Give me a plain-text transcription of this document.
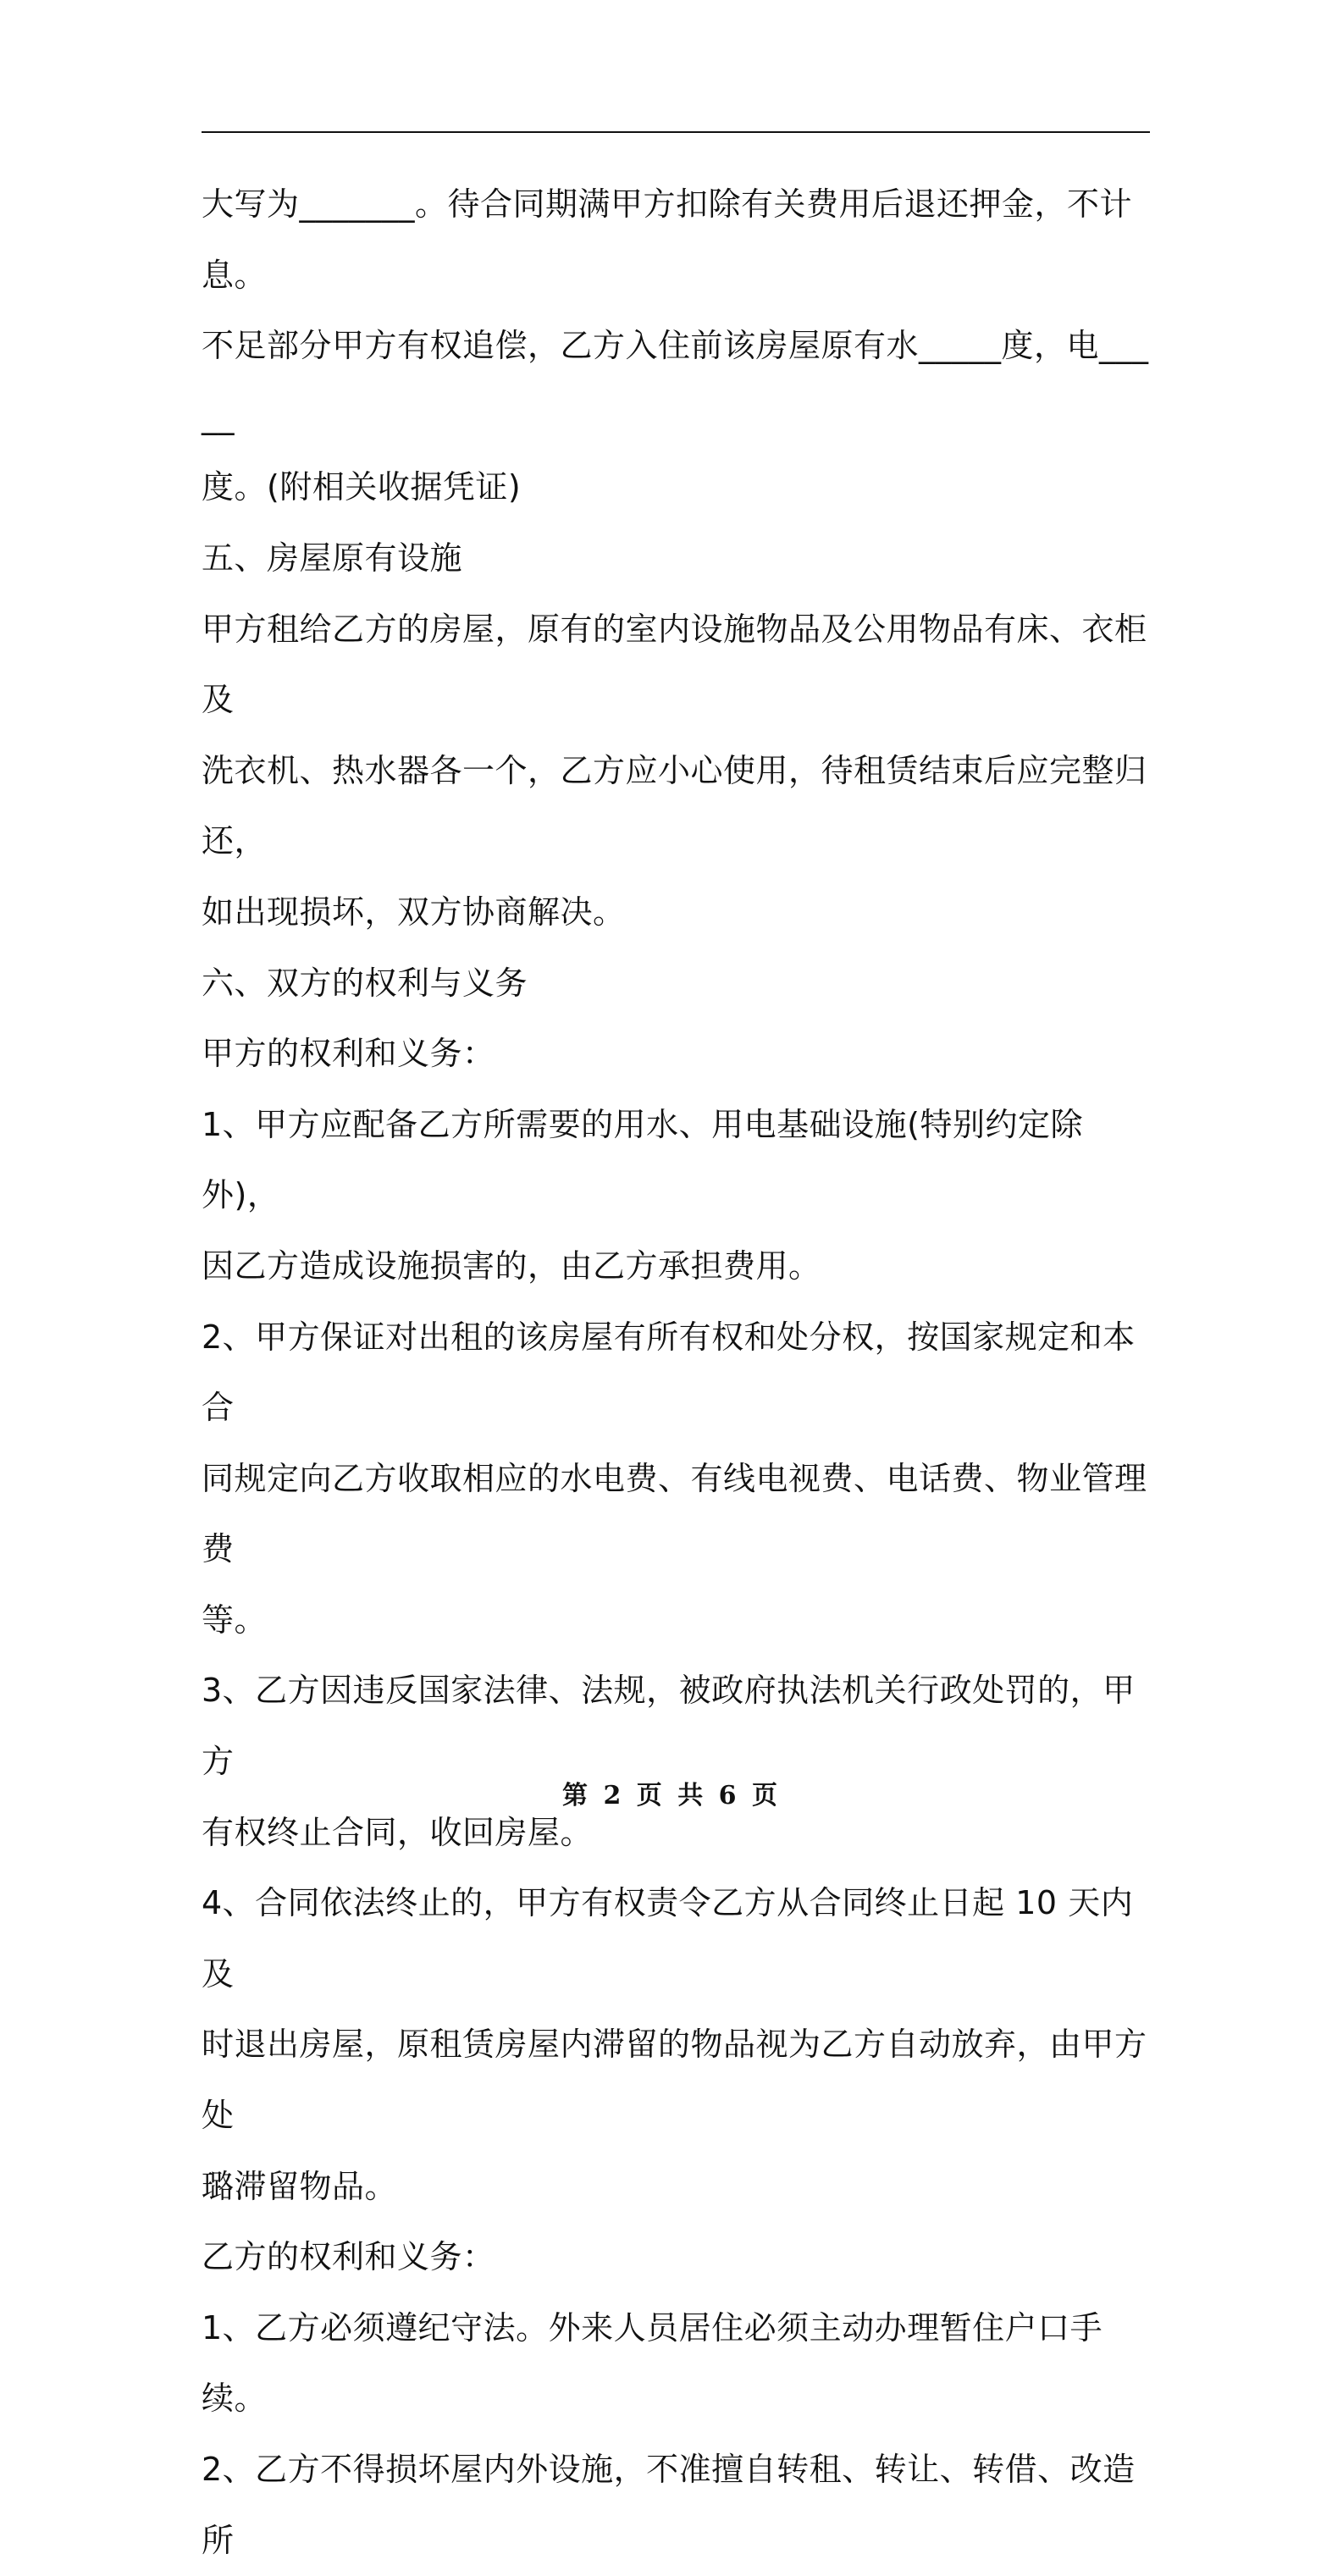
大写为_______。待合同期满甲方扣除有关费用后退还押金，不计息。

不足部分甲方有权追偿，乙方入住前该房屋原有水_____度，电_____

度。(附相关收据凭证)

五、房屋原有设施

甲方租给乙方的房屋，原有的室内设施物品及公用物品有床、衣柜及

洗衣机、热水器各一个，乙方应小心使用，待租赁结束后应完整归还，

如出现损坏，双方协商解决。

六、双方的权利与义务

甲方的权利和义务：

1、甲方应配备乙方所需要的用水、用电基础设施(特别约定除外)，

因乙方造成设施损害的，由乙方承担费用。

2、甲方保证对出租的该房屋有所有权和处分权，按国家规定和本合

同规定向乙方收取相应的水电费、有线电视费、电话费、物业管理费

等。

3、乙方因违反国家法律、法规，被政府执法机关行政处罚的，甲方

有权终止合同，收回房屋。

4、合同依法终止的，甲方有权责令乙方从合同终止日起 10 天内及

时退出房屋，原租赁房屋内滞留的物品视为乙方自动放弃，由甲方处

璐滞留物品。

乙方的权利和义务：

1、乙方必须遵纪守法。外来人员居住必须主动办理暂住户口手续。

2、乙方不得损坏屋内外设施，不准擅自转租、转让、转借、改造所

第 2 页 共 6 页
